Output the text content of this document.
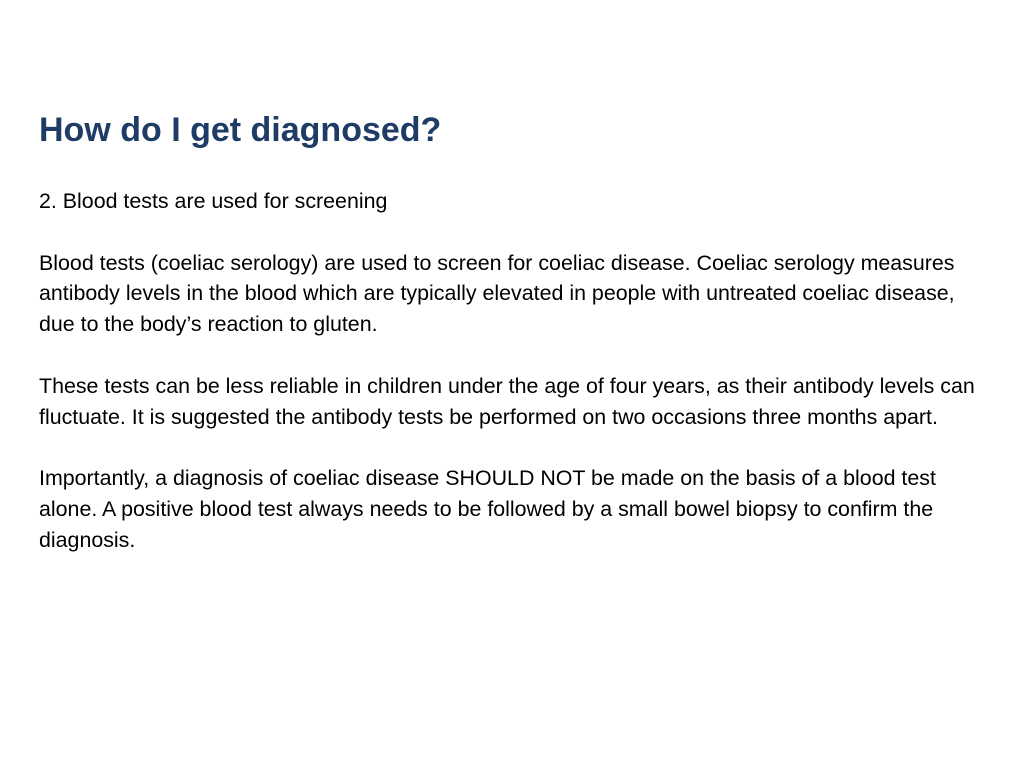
How do I get diagnosed?

2. Blood tests are used for screening

Blood tests (coeliac serology) are used to screen for coeliac disease. Coeliac serology measures antibody levels in the blood which are typically elevated in people with untreated coeliac disease, due to the body’s reaction to gluten.

These tests can be less reliable in children under the age of four years, as their antibody levels can fluctuate. It is suggested the antibody tests be performed on two occasions three months apart.

Importantly, a diagnosis of coeliac disease SHOULD NOT be made on the basis of a blood test alone. A positive blood test always needs to be followed by a small bowel biopsy to confirm the diagnosis.
